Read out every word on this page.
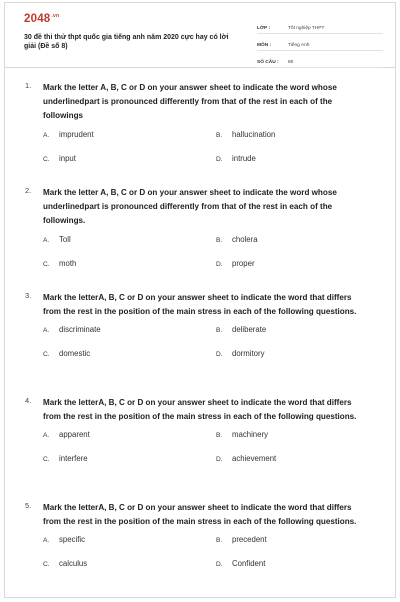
$2048^{.vn}$
30 đề thi thử thpt quốc gia tiếng anh năm 2020 cực hay có lời giải (Đề số 8)
LỚP :	Tốt nghiệp THPT
MÔN :	Tiếng Anh
SỐ CÂU :	80
1. Mark the letter A, B, C or D on your answer sheet to indicate the word whose underlinedpart is pronounced differently from that of the rest in each of the followings
A.	imprudent	B.	hallucination
C.	input	D.	intrude
2. Mark the letter A, B, C or D on your answer sheet to indicate the word whose underlinedpart is pronounced differently from that of the rest in each of the followings.
A.	Toll	B.	cholera
C.	moth	D.	proper
3. Mark the letterA, B, C or D on your answer sheet to indicate the word that differs from the rest in the position of the main stress in each of the following questions.
A.	discriminate	B.	deliberate
C.	domestic	D.	dormitory
4. Mark the letterA, B, C or D on your answer sheet to indicate the word that differs from the rest in the position of the main stress in each of the following questions.
A.	apparent	B.	machinery
C.	interfere	D.	achievement
5. Mark the letterA, B, C or D on your answer sheet to indicate the word that differs from the rest in the position of the main stress in each of the following questions.
A.	specific	B.	precedent
C.	calculus	D.	Confident
